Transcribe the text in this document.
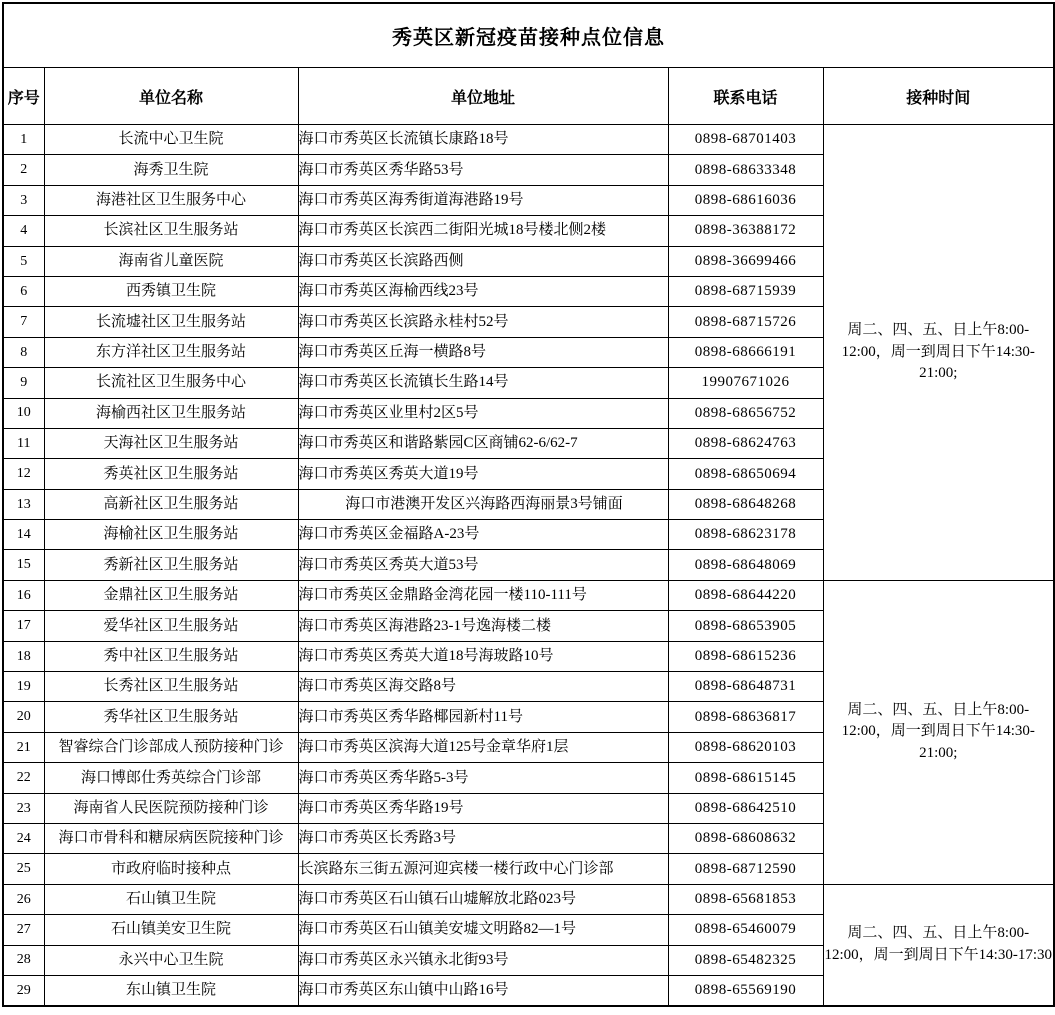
秀英区新冠疫苗接种点位信息				
序号	单位名称	单位地址	联系电话	接种时间
1	长流中心卫生院	海口市秀英区长流镇长康路18号	0898-68701403	周二、四、五、日上午8:00-12:00，周一到周日下午14:30-21:00;
2	海秀卫生院	海口市秀英区秀华路53号	0898-68633348	
3	海港社区卫生服务中心	海口市秀英区海秀街道海港路19号	0898-68616036	
4	长滨社区卫生服务站	海口市秀英区长滨西二街阳光城18号楼北侧2楼	0898-36388172	
5	海南省儿童医院	海口市秀英区长滨路西侧	0898-36699466	
6	西秀镇卫生院	海口市秀英区海榆西线23号	0898-68715939	
7	长流墟社区卫生服务站	海口市秀英区长滨路永桂村52号	0898-68715726	
8	东方洋社区卫生服务站	海口市秀英区丘海一横路8号	0898-68666191	
9	长流社区卫生服务中心	海口市秀英区长流镇长生路14号	19907671026	
10	海榆西社区卫生服务站	海口市秀英区业里村2区5号	0898-68656752	
11	天海社区卫生服务站	海口市秀英区和谐路紫园C区商铺62-6/62-7	0898-68624763	
12	秀英社区卫生服务站	海口市秀英区秀英大道19号	0898-68650694	
13	高新社区卫生服务站	海口市港澳开发区兴海路西海丽景3号铺面	0898-68648268	
14	海榆社区卫生服务站	海口市秀英区金福路A-23号	0898-68623178	
15	秀新社区卫生服务站	海口市秀英区秀英大道53号	0898-68648069	
16	金鼎社区卫生服务站	海口市秀英区金鼎路金湾花园一楼110-111号	0898-68644220	周二、四、五、日上午8:00-12:00，周一到周日下午14:30-21:00;
17	爱华社区卫生服务站	海口市秀英区海港路23-1号逸海楼二楼	0898-68653905	
18	秀中社区卫生服务站	海口市秀英区秀英大道18号海玻路10号	0898-68615236	
19	长秀社区卫生服务站	海口市秀英区海交路8号	0898-68648731	
20	秀华社区卫生服务站	海口市秀英区秀华路椰园新村11号	0898-68636817	
21	智睿综合门诊部成人预防接种门诊	海口市秀英区滨海大道125号金章华府1层	0898-68620103	
22	海口博郎仕秀英综合门诊部	海口市秀英区秀华路5-3号	0898-68615145	
23	海南省人民医院预防接种门诊	海口市秀英区秀华路19号	0898-68642510	
24	海口市骨科和糖尿病医院接种门诊	海口市秀英区长秀路3号	0898-68608632	
25	市政府临时接种点	长滨路东三街五源河迎宾楼一楼行政中心门诊部	0898-68712590	
26	石山镇卫生院	海口市秀英区石山镇石山墟解放北路023号	0898-65681853	周二、四、五、日上午8:00-12:00，周一到周日下午14:30-17:30
27	石山镇美安卫生院	海口市秀英区石山镇美安墟文明路82—1号	0898-65460079	
28	永兴中心卫生院	海口市秀英区永兴镇永北街93号	0898-65482325	
29	东山镇卫生院	海口市秀英区东山镇中山路16号	0898-65569190	
